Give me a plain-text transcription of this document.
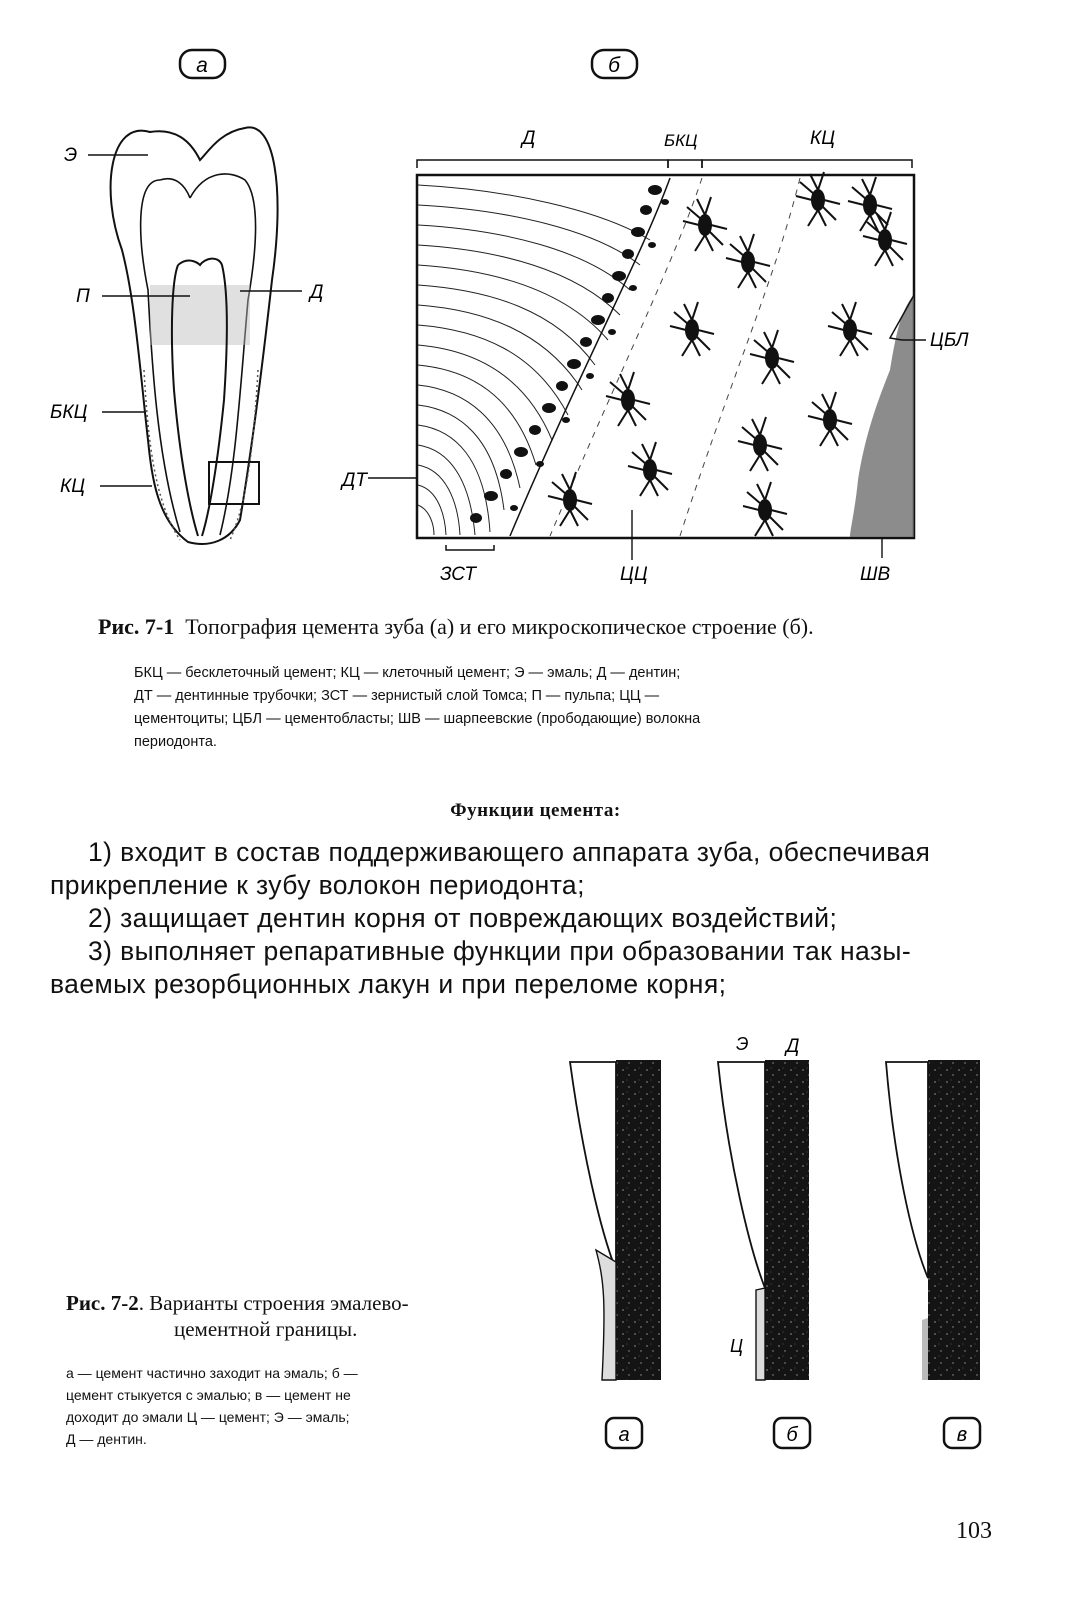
а
Э
П	Д
БКЦ
КЦ
б
Д	БКЦ	КЦ
ЦБЛ
ДТ
ЗСТ	ЦЦ	ШВ
Рис. 7-1 Топография цемента зуба (а) и его микроскопическое строение (б).
БКЦ — бесклеточный цемент; КЦ — клеточный цемент; Э — эмаль; Д — дентин;
ДТ — дентинные трубочки; ЗСТ — зернистый слой Томса; П — пульпа; ЦЦ —
цементоциты; ЦБЛ — цементобласты; ШВ — шарпеевские (прободающие) волокна
периодонта.
Функции цемента:
1) входит в состав поддерживающего аппарата зуба, обеспечивая
прикрепление к зубу волокон периодонта;
2) защищает дентин корня от повреждающих воздействий;
3) выполняет репаративные функции при образовании так назы-
ваемых резорбционных лакун и при переломе корня;
а
Э Д
Ц
б	в
Рис. 7-2. Варианты строения эмалево-
цементной границы.
а — цемент частично заходит на эмаль; б —
цемент стыкуется с эмалью; в — цемент не
доходит до эмали Ц — цемент; Э — эмаль;
Д — дентин.
103
